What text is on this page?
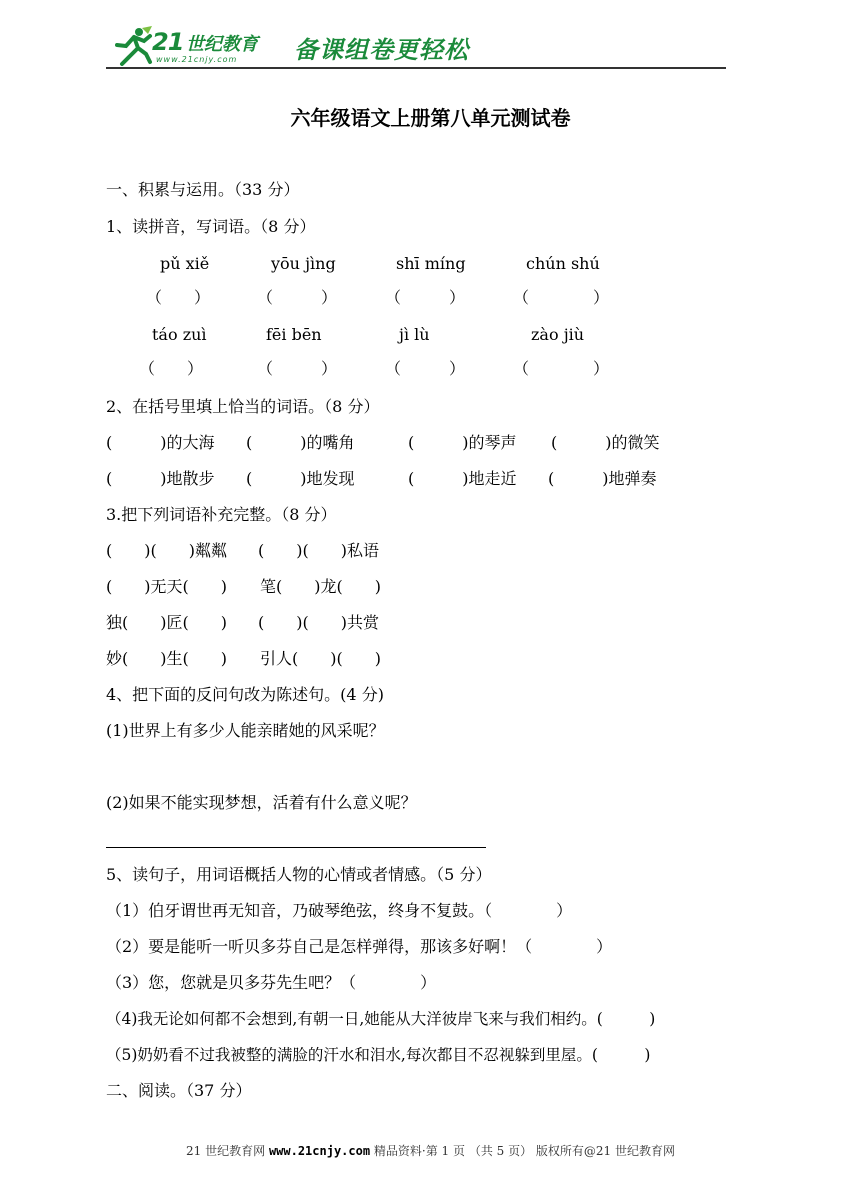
21 世纪教育
www.21cnjy.com 备课组卷更轻松
六年级语文上册第八单元测试卷
一、积累与运用。（33 分）
1、读拼音，写词语。（8 分）
pǔ xiě	yōu jìng	shī míng	chún shú
（　　）	（　　　）	（　　　）	（　　　　）
táo zuì	fēi bēn	jì lù	zào jiù
（　　）	（　　　）	（　　　）	（　　　　）
2、在括号里填上恰当的词语。（8 分）
(　　　)的大海 (　　　)的嘴角	(　　　)的琴声 (　　　)的微笑
(　　　)地散步 (　　　)地发现	(　　　)地走近 (　　　)地弹奏
3.把下列词语补充完整。（8 分）
(　　)(　　)粼粼 (　　)(　　)私语
(　　)无天(　　) 笔(　　)龙(　　)
独(　　)匠(　　) (　　)(　　)共赏
妙(　　)生(　　) 引人(　　)(　　)
4、把下面的反问句改为陈述句。(4 分)
(1)世界上有多少人能亲睹她的风采呢？
(2)如果不能实现梦想，活着有什么意义呢？
5、读句子，用词语概括人物的心情或者情感。（5 分）
（1）伯牙谓世再无知音，乃破琴绝弦，终身不复鼓。（　　　　）
（2）要是能听一听贝多芬自己是怎样弹得，那该多好啊！（　　　　）
（3）您，您就是贝多芬先生吧？（　　　　）
（4)我无论如何都不会想到,有朝一日,她能从大洋彼岸飞来与我们相约。(　　　)
（5)奶奶看不过我被整的满脸的汗水和泪水,每次都目不忍视躲到里屋。(　　　)
二、阅读。（37 分）
21 世纪教育网 www.21cnjy.com 精品资料·第 1 页 （共 5 页） 版权所有@21 世纪教育网
